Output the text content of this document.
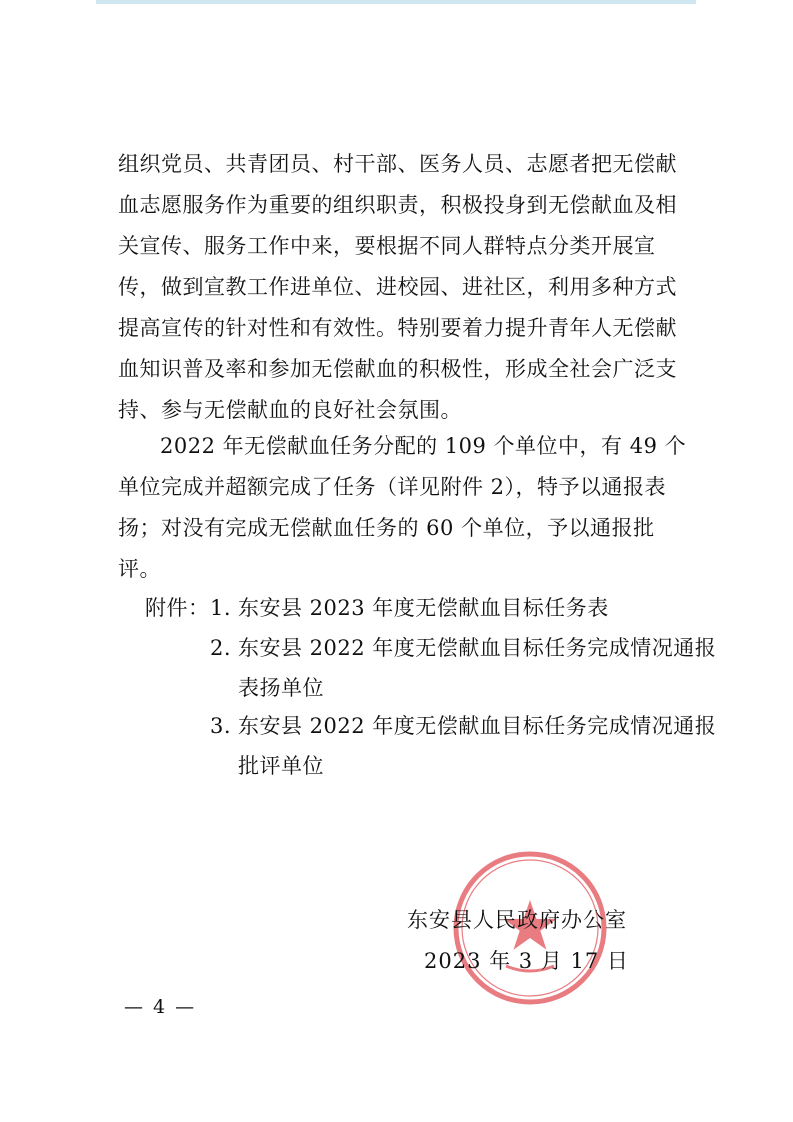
组织党员、共青团员、村干部、医务人员、志愿者把无偿献血志愿服务作为重要的组织职责，积极投身到无偿献血及相关宣传、服务工作中来，要根据不同人群特点分类开展宣传，做到宣教工作进单位、进校园、进社区，利用多种方式提高宣传的针对性和有效性。特别要着力提升青年人无偿献血知识普及率和参加无偿献血的积极性，形成全社会广泛支持、参与无偿献血的良好社会氛围。

2022 年无偿献血任务分配的 109 个单位中，有 49 个单位完成并超额完成了任务（详见附件 2），特予以通报表扬；对没有完成无偿献血任务的 60 个单位，予以通报批评。

附件： 1. 东安县 2023 年度无偿献血目标任务表
2. 东安县 2022 年度无偿献血目标任务完成情况通报
表扬单位
3. 东安县 2022 年度无偿献血目标任务完成情况通报
批评单位
东安县人民政府办公室
2023 年 3 月 17 日
— 4 —
